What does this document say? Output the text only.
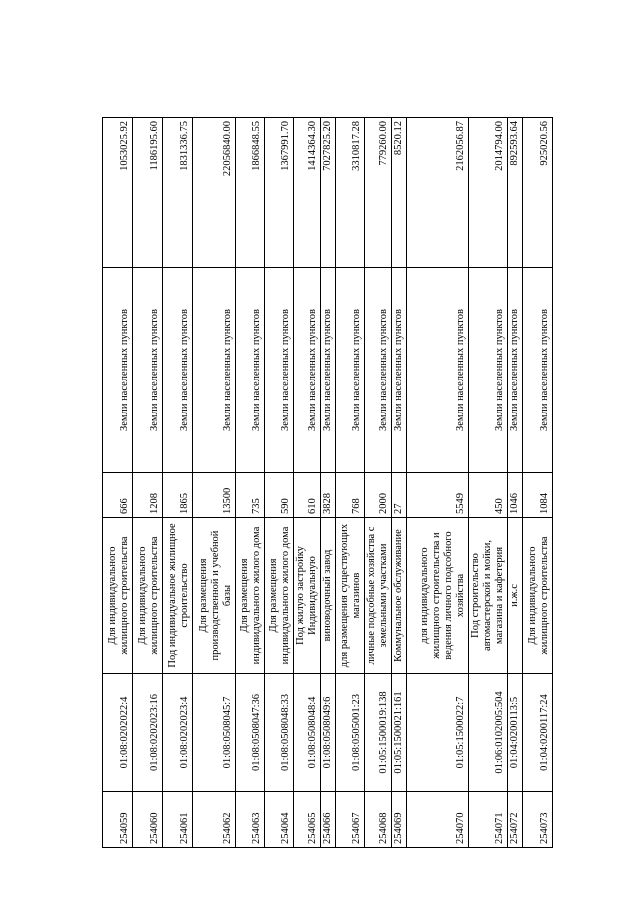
254059	01:08:0202022:4	Для индивидуального жилищного строительства	666	Земли населенных пунктов	1053025.92
254060	01:08:0202023:16	Для индивидуального жилищного строительства	1208	Земли населенных пунктов	1186195.60
254061	01:08:0202023:4	Под индивидуальное жилищное строительство	1865	Земли населенных пунктов	1831336.75
254062	01:08:0508045:7	Для размещения производственной и учебной базы	13500	Земли населенных пунктов	22056840.00
254063	01:08:0508047:36	Для размещения индивидуального жилого дома	735	Земли населенных пунктов	1866848.55
254064	01:08:0508048:33	Для размещения индивидуального жилого дома	590	Земли населенных пунктов	1367991.70
254065	01:08:0508048:4	Под жилую застройку Индивидуальную	610	Земли населенных пунктов	1414364.30
254066	01:08:0508049:6	виноводочный завод	3828	Земли населенных пунктов	7027825.20
254067	01:08:0505001:23	для размещения существующих магазинов	768	Земли населенных пунктов	3310817.28
254068	01:05:1500019:138	личные подсобные хозяйства с земельными участками	2000	Земли населенных пунктов	779260.00
254069	01:05:1500021:161	Коммунальное обслуживание	27	Земли населенных пунктов	8520.12
254070	01:05:1500022:7	для индивидуального жилищного строительства и ведения личного подсобного хозяйства	5549	Земли населенных пунктов	2162056.87
254071	01:06:0102005:504	Под строительство автомастерской и мойки, магазина и кафетерия	450	Земли населенных пунктов	2014794.00
254072	01:04:0200113:5	и.ж.с	1046	Земли населенных пунктов	892593.64
254073	01:04:0200117:24	Для индивидуального жилищного строительства	1084	Земли населенных пунктов	925020.56
